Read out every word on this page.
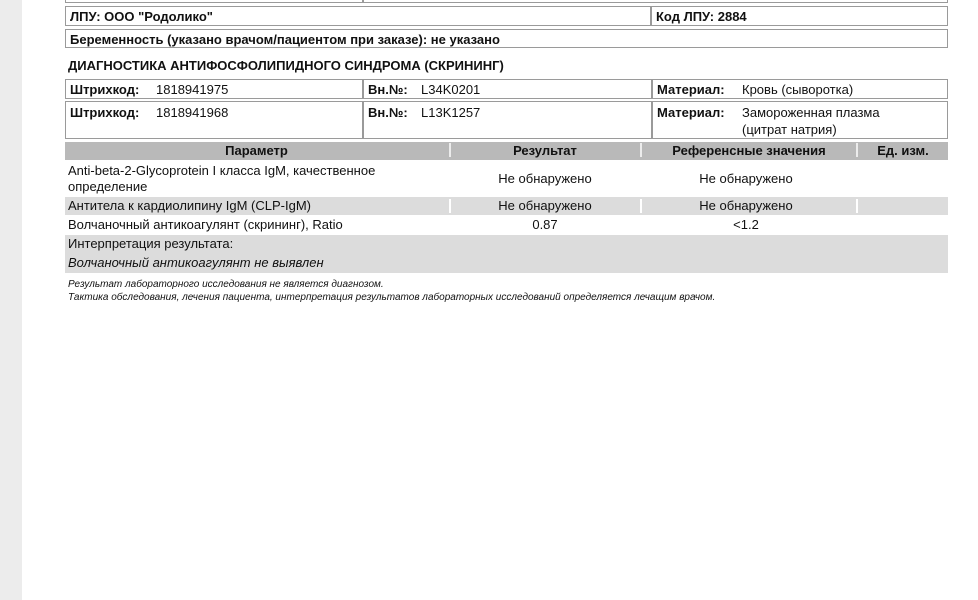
ЛПУ: ООО "Родолико"	Код ЛПУ: 2884
Беременность (указано врачом/пациентом при заказе): не указано
ДИАГНОСТИКА АНТИФОСФОЛИПИДНОГО СИНДРОМА (СКРИНИНГ)
Штрихкод: 1818941975	Вн.№: L34K0201	Материал: Кровь (сыворотка)
Штрихкод: 1818941968	Вн.№: L13K1257	Материал: Замороженная плазма
(цитрат натрия)
Параметр	Результат	Референсные значения	Ед. изм.
Anti-beta-2-Glycoprotein I класса IgM, качественное
определение
Не обнаружено	Не обнаружено
Антитела к кардиолипину IgM (CLP-IgM)	Не обнаружено	Не обнаружено
Волчаночный антикоагулянт (скрининг), Ratio	0.87	<1.2
Интерпретация результата:
Волчаночный антикоагулянт не выявлен
Результат лабораторного исследования не является диагнозом.
Тактика обследования, лечения пациента, интерпретация результатов лабораторных исследований определяется лечащим врачом.
